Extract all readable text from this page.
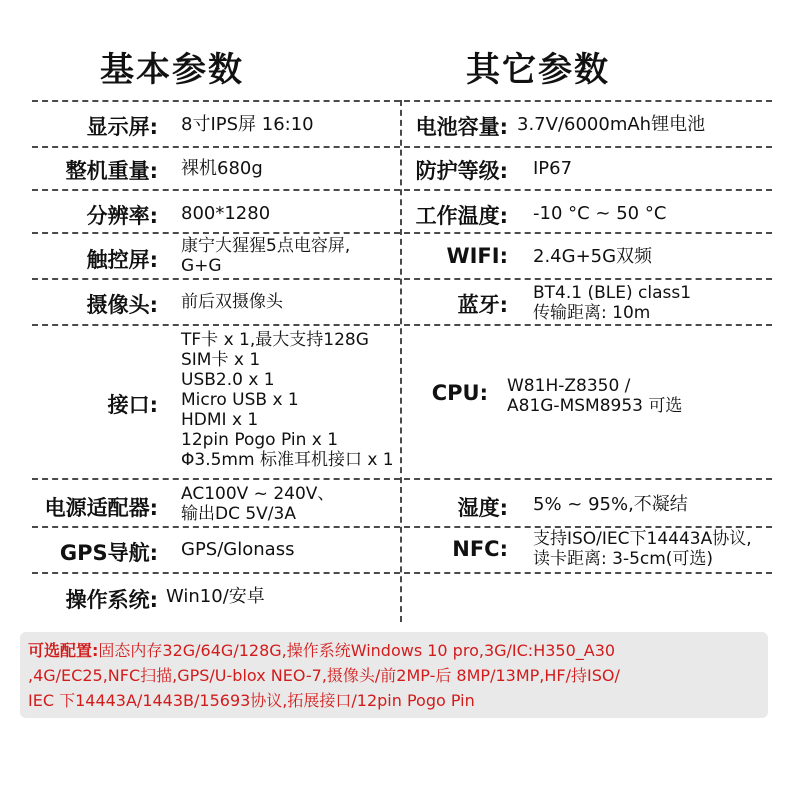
基本参数	其它参数
显示屏: 8寸IPS屏 16:10
整机重量: 裸机680g
分辨率: 800*1280
触控屏:
康宁大猩猩5点电容屏,
G+G
摄像头: 前后双摄像头
接口:
TF卡 x 1,最大支持128G
SIM卡 x 1
USB2.0 x 1
Micro USB x 1
HDMI x 1
12pin Pogo Pin x 1
Φ3.5mm 标准耳机接口 x 1
电源适配器:
AC100V ~ 240V、
输出DC 5V/3A
GPS导航: GPS/Glonass
操作系统: Win10/安卓
电池容量: 3.7V/6000mAh锂电池
防护等级: IP67
工作温度: -10 °C ~ 50 °C
WIFI: 2.4G+5G双频
蓝牙: BT4.1 (BLE) class1
传输距离: 10m
CPU: W81H-Z8350 /
A81G-MSM8953 可选
湿度: 5% ~ 95%,不凝结
NFC: 支持ISO/IEC下14443A协议,
读卡距离: 3-5cm(可选)
可选配置:固态内存32G/64G/128G,操作系统Windows 10 pro,3G/IC:H350_A30
,4G/EC25,NFC扫描,GPS/U-blox NEO-7,摄像头/前2MP-后 8MP/13MP,HF/持ISO/
IEC 下14443A/1443B/15693协议,拓展接口/12pin Pogo Pin
